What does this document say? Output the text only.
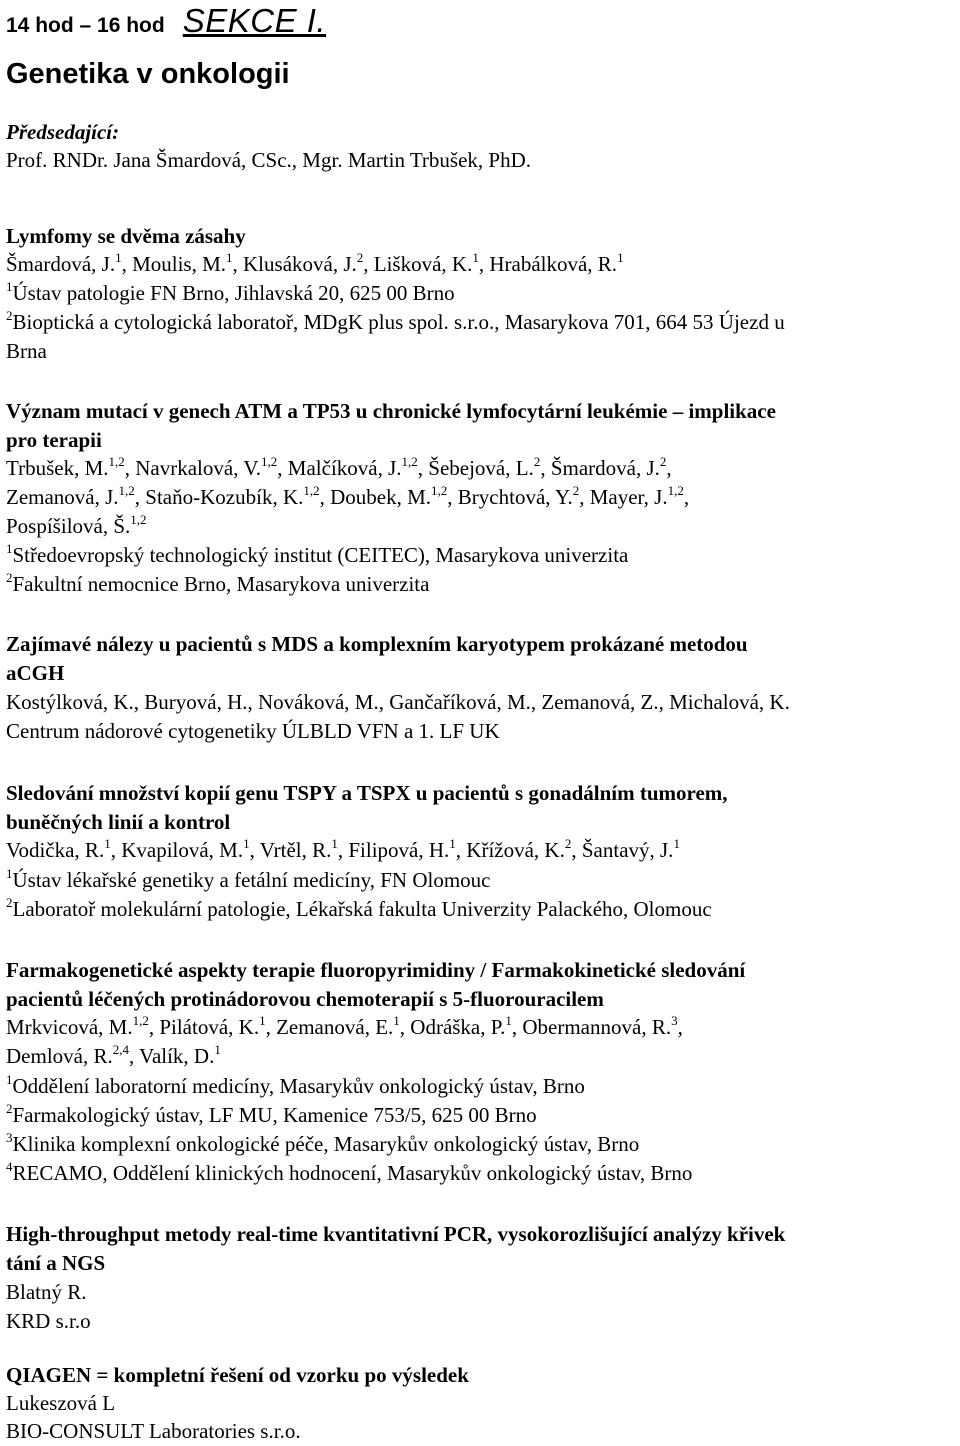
14 hod – 16 hod SEKCE I.
Genetika v onkologii
Předsedající:
Prof. RNDr. Jana Šmardová, CSc., Mgr. Martin Trbušek, PhD.
Lymfomy se dvěma zásahy
Šmardová, J.$^1$, Moulis, M.$^1$, Klusáková, J.$^2$, Lišková, K.$^1$, Hrabálková, R.$^1$
$^1$Ústav patologie FN Brno, Jihlavská 20, 625 00 Brno
$^2$Bioptická a cytologická laboratoř, MDgK plus spol. s.r.o., Masarykova 701, 664 53 Újezd u
Brna
Význam mutací v genech ATM a TP53 u chronické lymfocytární leukémie – implikace
pro terapii
Trbušek, M.$^{1,2}$, Navrkalová, V.$^{1,2}$, Malčíková, J.$^{1,2}$, Šebejová, L.$^2$, Šmardová, J.$^2$,
Zemanová, J.$^{1,2}$, Staňo-Kozubík, K.$^{1,2}$, Doubek, M.$^{1,2}$, Brychtová, Y.$^2$, Mayer, J.$^{1,2}$,
Pospíšilová, Š.$^{1,2}$
$^1$Středoevropský technologický institut (CEITEC), Masarykova univerzita
$^2$Fakultní nemocnice Brno, Masarykova univerzita
Zajímavé nálezy u pacientů s MDS a komplexním karyotypem prokázané metodou
aCGH
Kostýlková, K., Buryová, H., Nováková, M., Gančaříková, M., Zemanová, Z., Michalová, K.
Centrum nádorové cytogenetiky ÚLBLD VFN a 1. LF UK
Sledování množství kopií genu TSPY a TSPX u pacientů s gonadálním tumorem,
buněčných linií a kontrol
Vodička, R.$^1$, Kvapilová, M.$^1$, Vrtěl, R.$^1$, Filipová, H.$^1$, Křížová, K.$^2$, Šantavý, J.$^1$
$^1$Ústav lékařské genetiky a fetální medicíny, FN Olomouc
$^2$Laboratoř molekulární patologie, Lékařská fakulta Univerzity Palackého, Olomouc
Farmakogenetické aspekty terapie fluoropyrimidiny / Farmakokinetické sledování
pacientů léčených protinádorovou chemoterapií s 5-fluorouracilem
Mrkvicová, M.$^{1,2}$, Pilátová, K.$^1$, Zemanová, E.$^1$, Odráška, P.$^1$, Obermannová, R.$^3$,
Demlová, R.$^{2,4}$, Valík, D.$^1$
$^1$Oddělení laboratorní medicíny, Masarykův onkologický ústav, Brno
$^2$Farmakologický ústav, LF MU, Kamenice 753/5, 625 00 Brno
$^3$Klinika komplexní onkologické péče, Masarykův onkologický ústav, Brno
$^4$RECAMO, Oddělení klinických hodnocení, Masarykův onkologický ústav, Brno
High-throughput metody real-time kvantitativní PCR, vysokorozlišující analýzy křivek
tání a NGS
Blatný R.
KRD s.r.o
QIAGEN = kompletní řešení od vzorku po výsledek
Lukeszová L
BIO-CONSULT Laboratories s.r.o.
